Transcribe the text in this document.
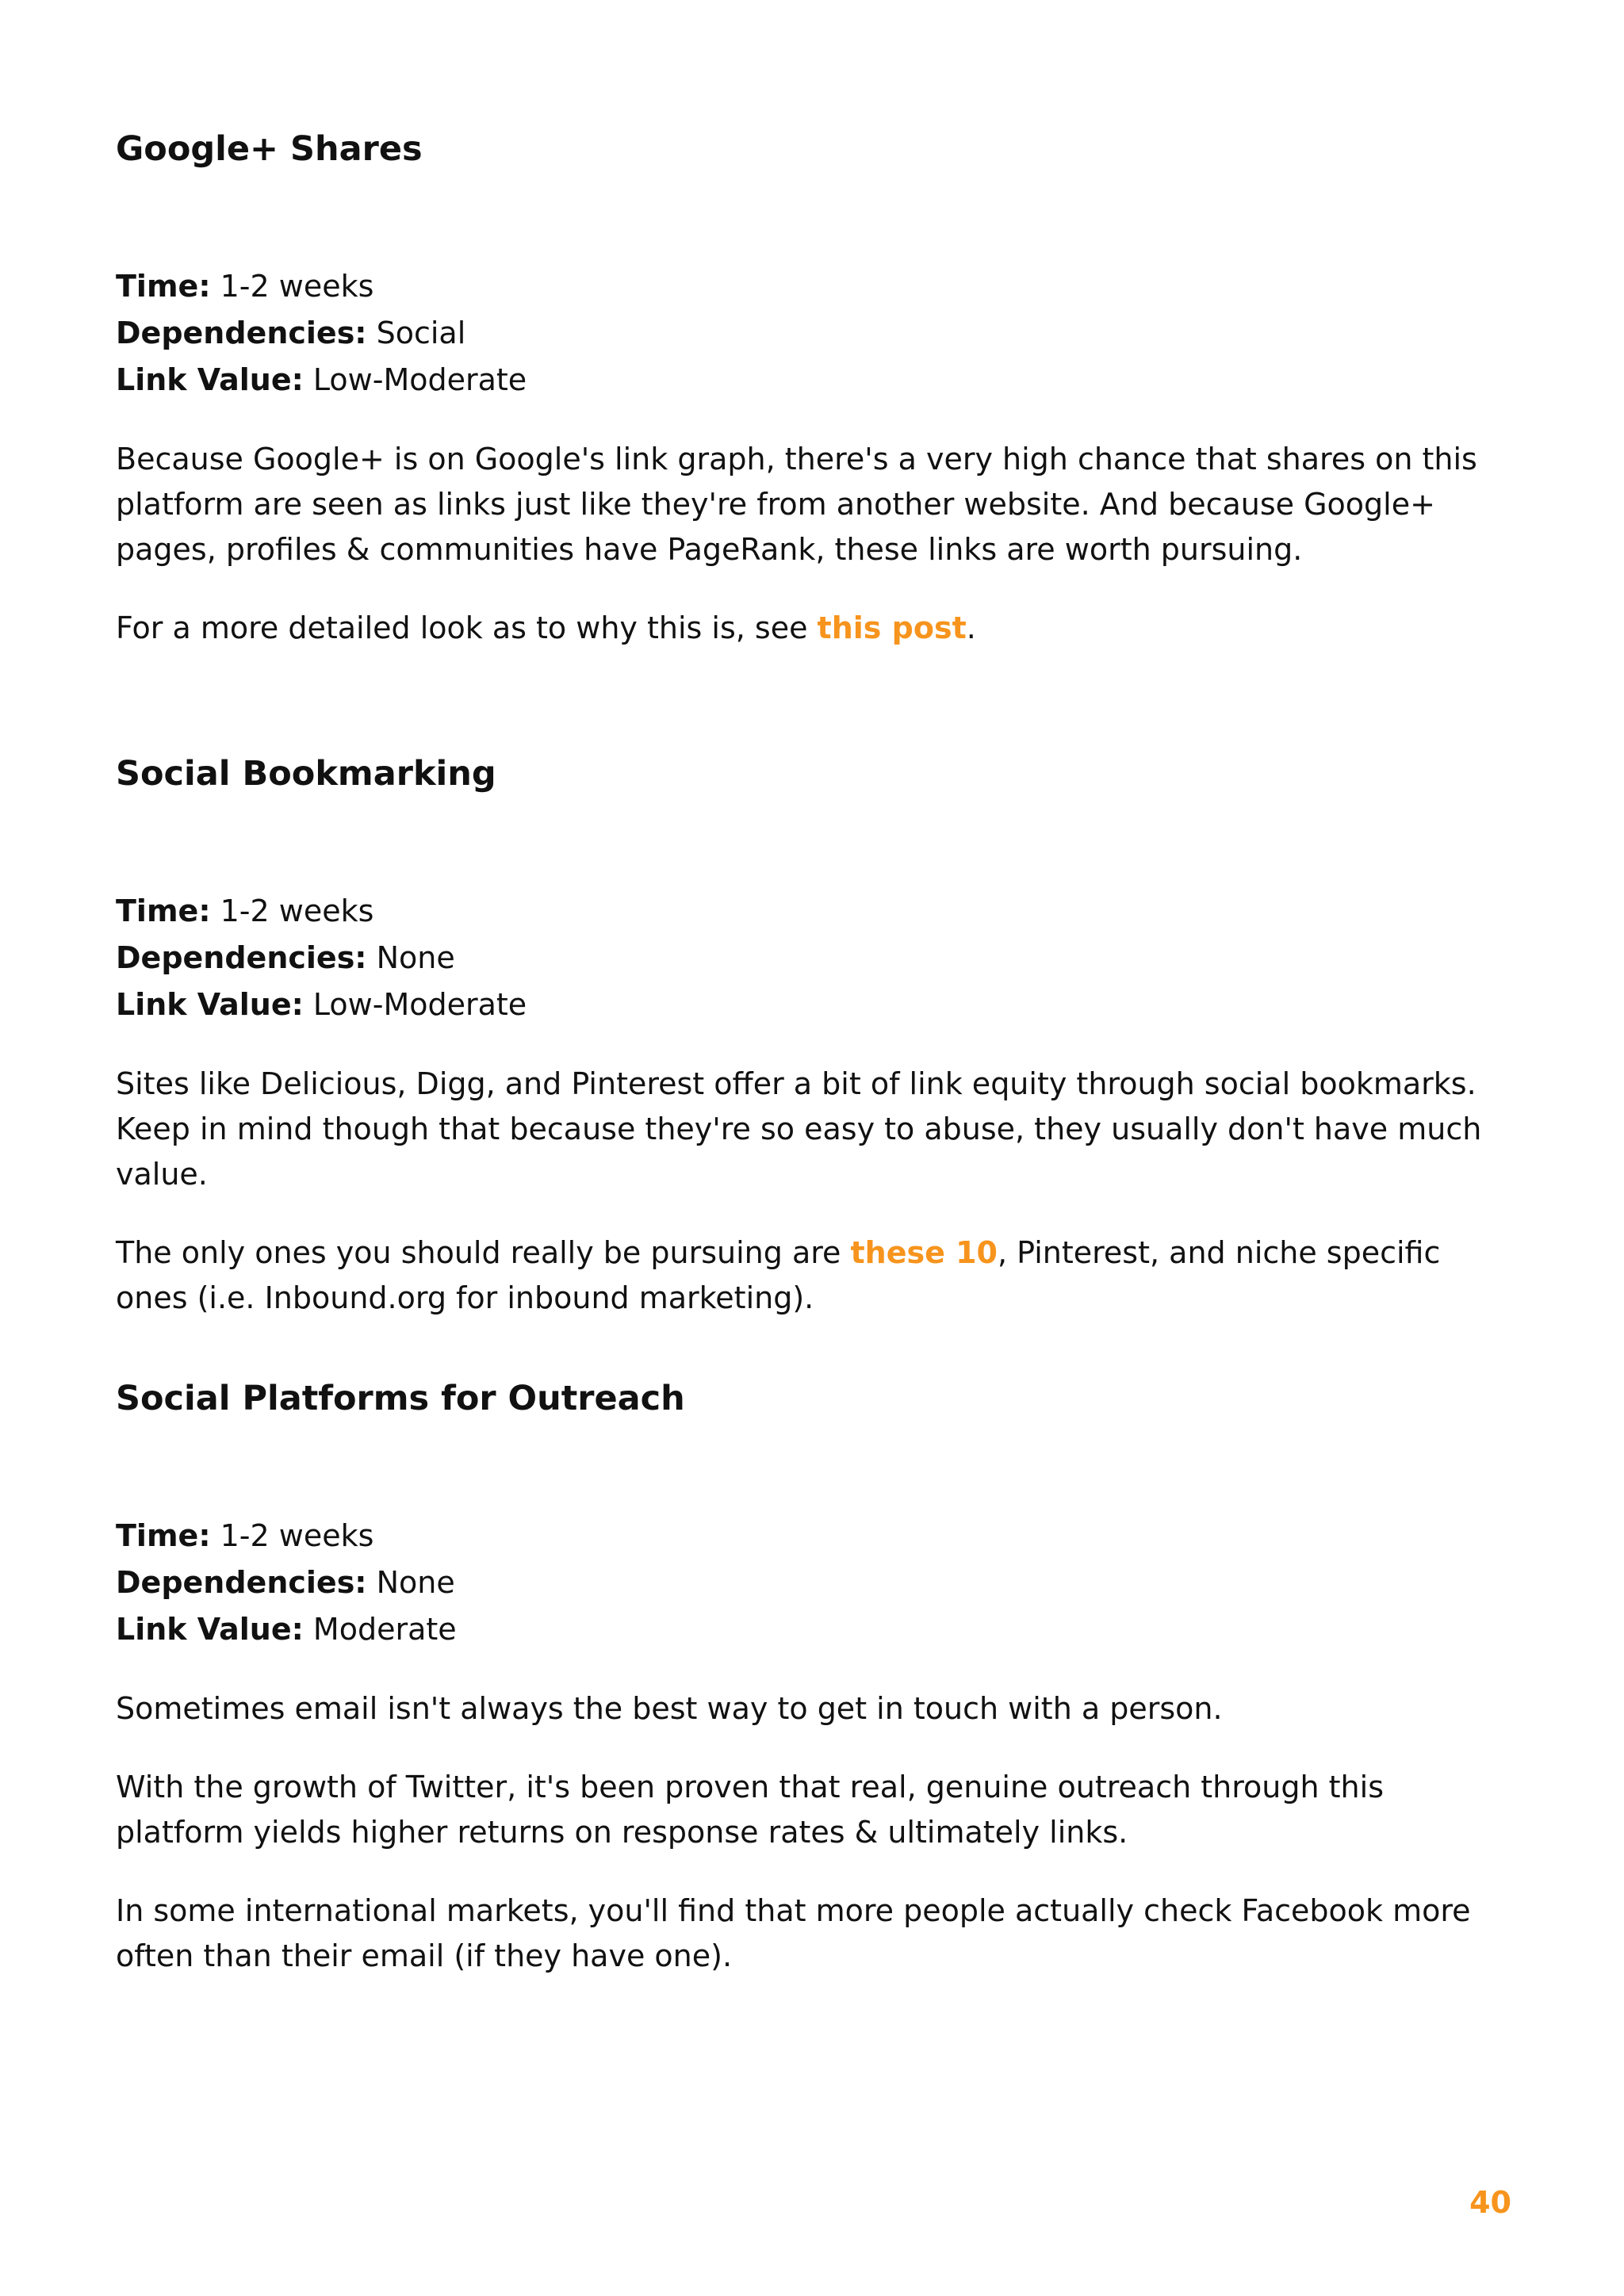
Google+ Shares
Time: 1-2 weeks
Dependencies: Social
Link Value: Low-Moderate

Because Google+ is on Google's link graph, there's a very high chance that shares on this platform are seen as links just like they're from another website. And because Google+ pages, profiles & communities have PageRank, these links are worth pursuing.

For a more detailed look as to why this is, see this post.

Social Bookmarking
Time: 1-2 weeks
Dependencies: None
Link Value: Low-Moderate

Sites like Delicious, Digg, and Pinterest offer a bit of link equity through social bookmarks. Keep in mind though that because they're so easy to abuse, they usually don't have much value.

The only ones you should really be pursuing are these 10, Pinterest, and niche specific ones (i.e. Inbound.org for inbound marketing).

Social Platforms for Outreach
Time: 1-2 weeks
Dependencies: None
Link Value: Moderate

Sometimes email isn't always the best way to get in touch with a person.

With the growth of Twitter, it's been proven that real, genuine outreach through this platform yields higher returns on response rates & ultimately links.

In some international markets, you'll find that more people actually check Facebook more often than their email (if they have one).

40
